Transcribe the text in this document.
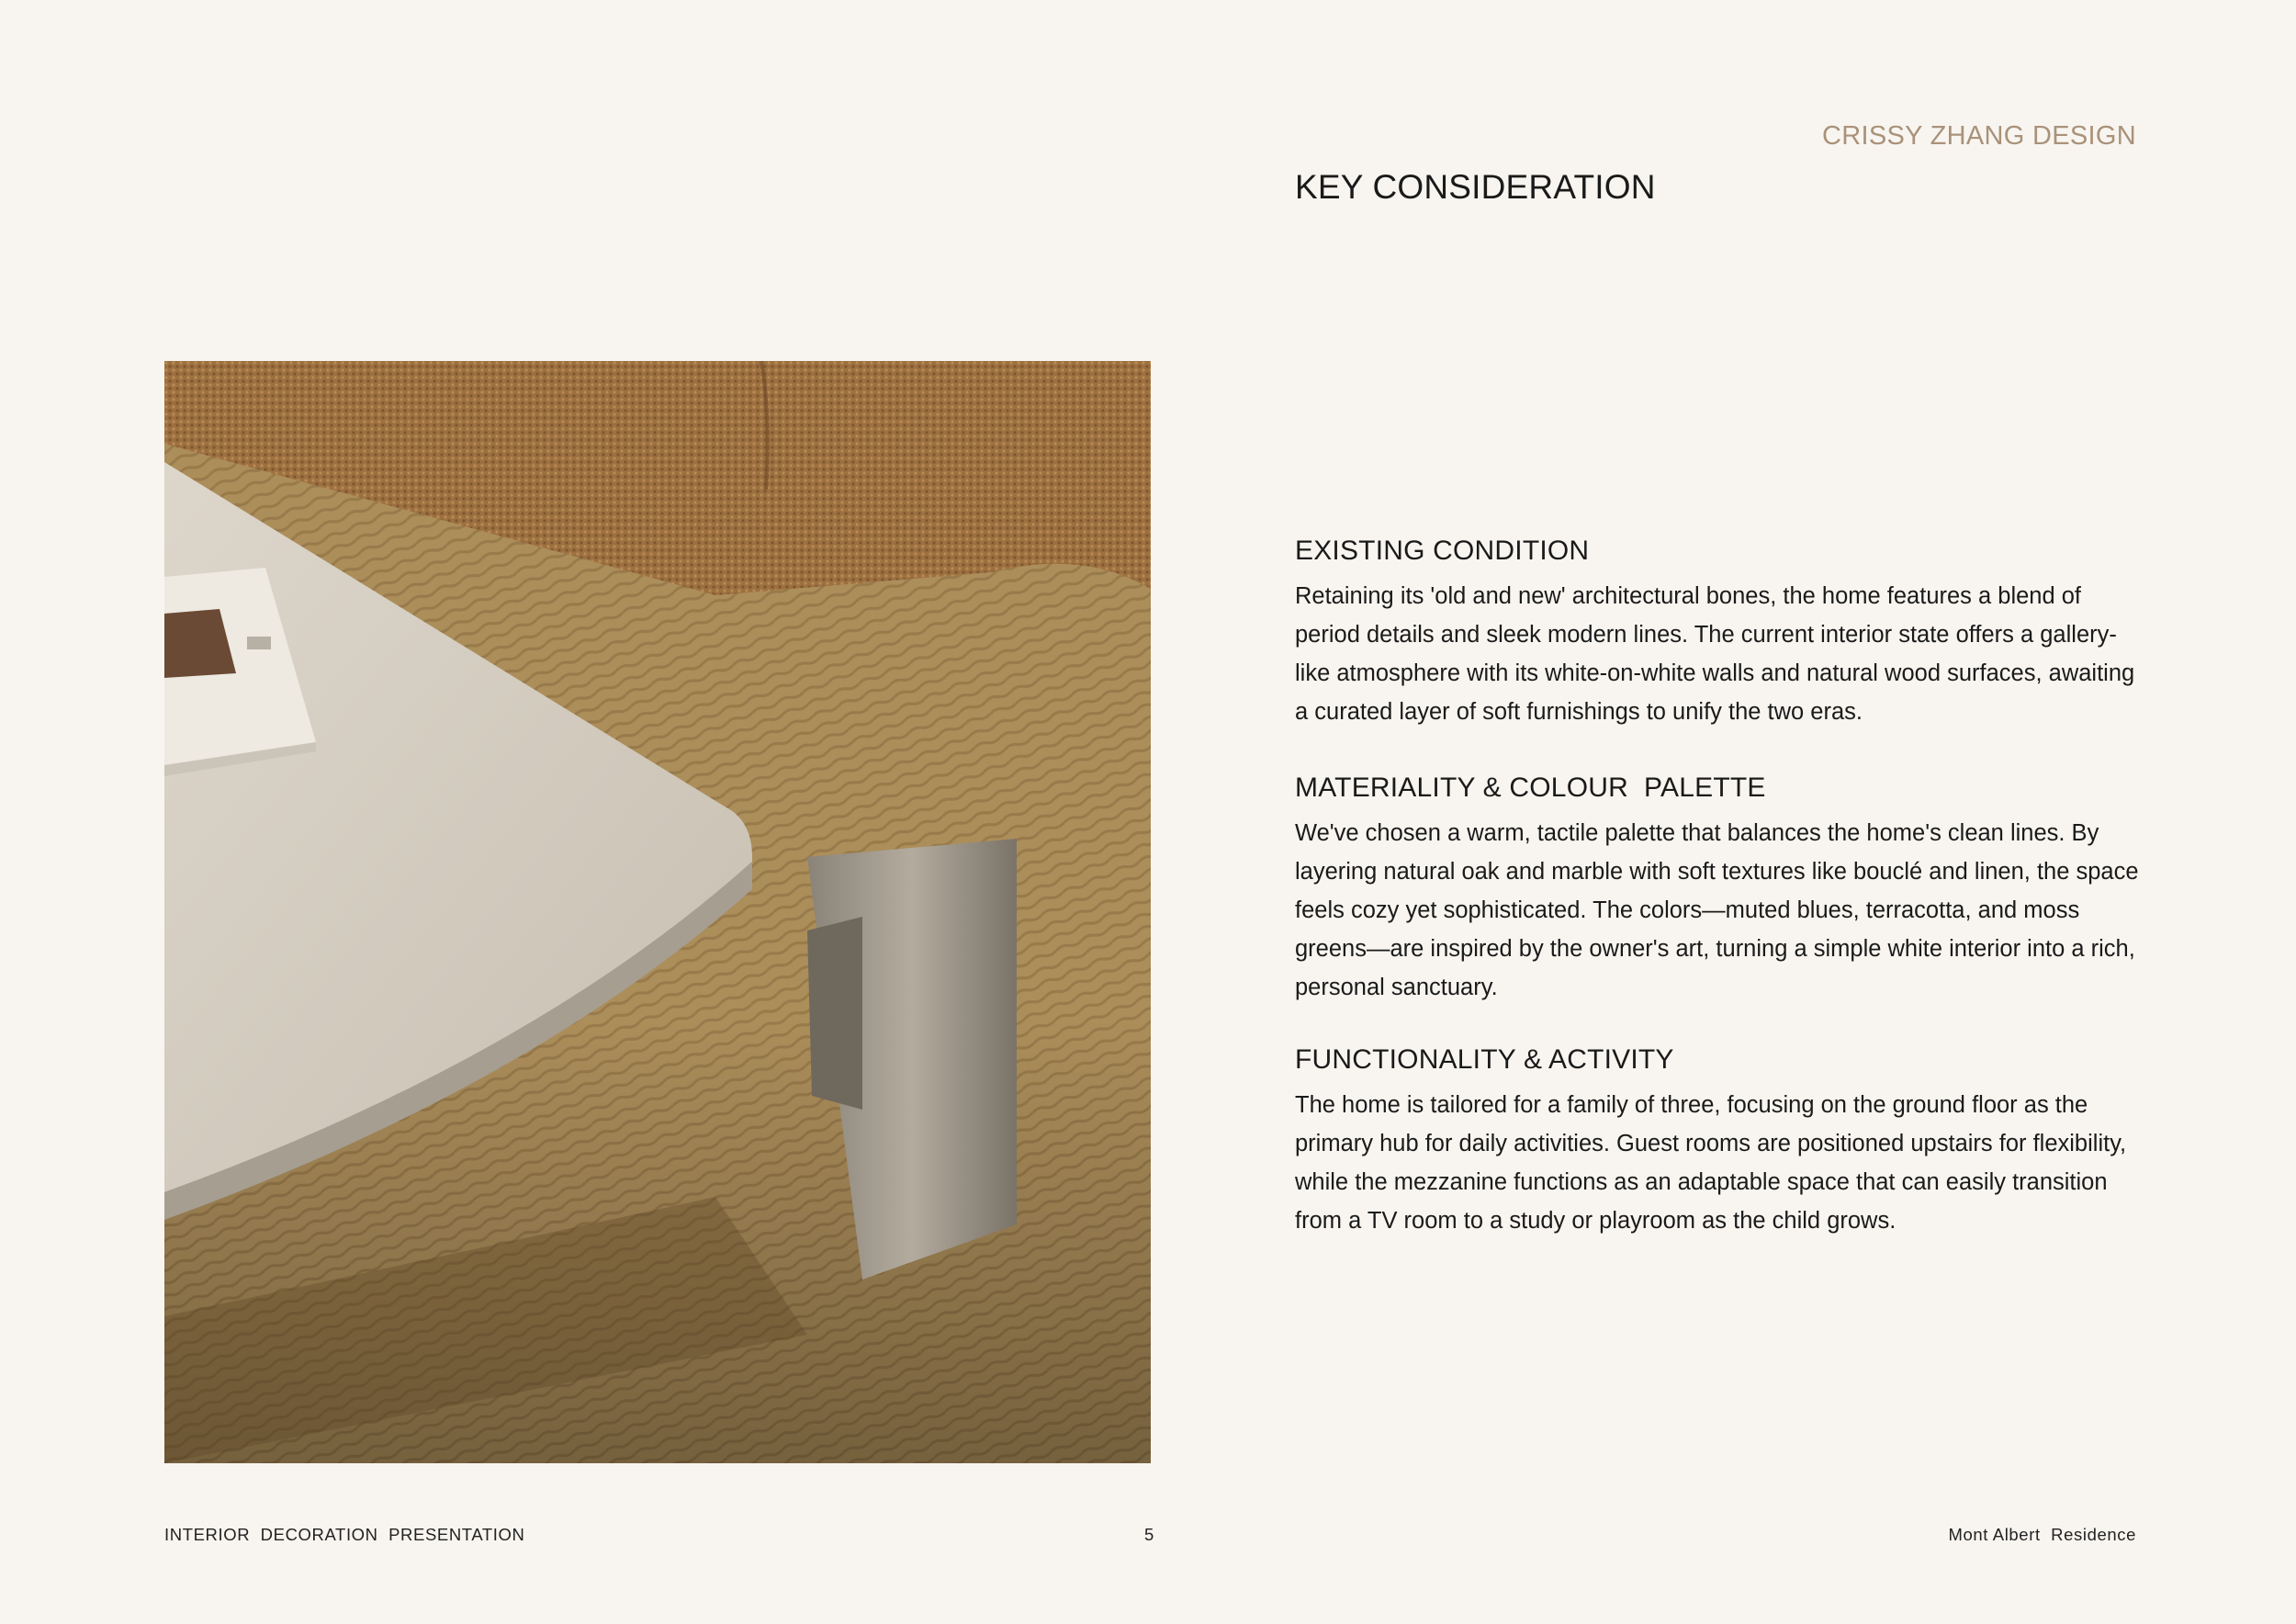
CRISSY ZHANG DESIGN
KEY CONSIDERATION
EXISTING CONDITION

Retaining its 'old and new' architectural bones, the home features a blend of period details and sleek modern lines. The current interior state offers a gallery-like atmosphere with its white-on-white walls and natural wood surfaces, awaiting a curated layer of soft furnishings to unify the two eras.

MATERIALITY & COLOUR  PALETTE

We've chosen a warm, tactile palette that balances the home's clean lines. By layering natural oak and marble with soft textures like bouclé and linen, the space feels cozy yet sophisticated. The colors—muted blues, terracotta, and moss greens—are inspired by the owner's art, turning a simple white interior into a rich, personal sanctuary.

FUNCTIONALITY & ACTIVITY

The home is tailored for a family of three, focusing on the ground floor as the primary hub for daily activities. Guest rooms are positioned upstairs for flexibility, while the mezzanine functions as an adaptable space that can easily transition from a TV room to a study or playroom as the child grows.

INTERIOR  DECORATION  PRESENTATION	5	Mont Albert  Residence
